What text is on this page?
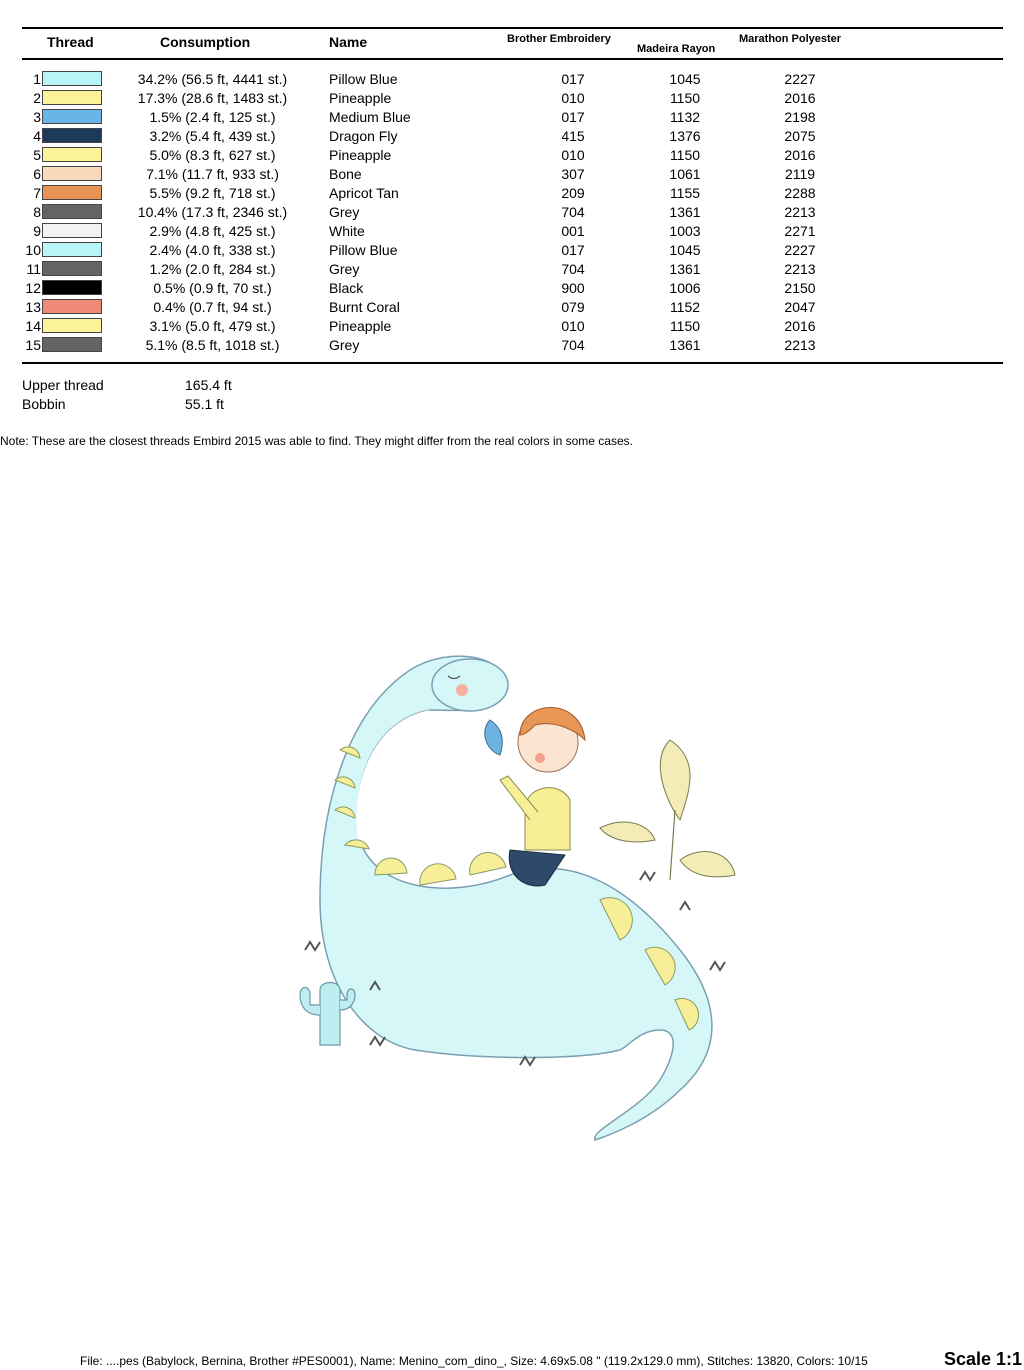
Thread	Consumption	Name	Brother Embroidery
Madeira Rayon
Marathon Polyester
1	34.2% (56.5 ft, 4441 st.)	Pillow Blue	017	1045	2227
2	17.3% (28.6 ft, 1483 st.)	Pineapple	010	1150	2016
3	1.5% (2.4 ft, 125 st.)	Medium Blue	017	1132	2198
4	3.2% (5.4 ft, 439 st.)	Dragon Fly	415	1376	2075
5	5.0% (8.3 ft, 627 st.)	Pineapple	010	1150	2016
6	7.1% (11.7 ft, 933 st.)	Bone	307	1061	2119
7	5.5% (9.2 ft, 718 st.)	Apricot Tan	209	1155	2288
8	10.4% (17.3 ft, 2346 st.)	Grey	704	1361	2213
9	2.9% (4.8 ft, 425 st.)	White	001	1003	2271
10	2.4% (4.0 ft, 338 st.)	Pillow Blue	017	1045	2227
11	1.2% (2.0 ft, 284 st.)	Grey	704	1361	2213
12	0.5% (0.9 ft, 70 st.)	Black	900	1006	2150
13	0.4% (0.7 ft, 94 st.)	Burnt Coral	079	1152	2047
14	3.1% (5.0 ft, 479 st.)	Pineapple	010	1150	2016
15	5.1% (8.5 ft, 1018 st.)	Grey	704	1361	2213
Upper thread	165.4 ft
Bobbin	55.1 ft
Note: These are the closest threads Embird 2015 was able to find. They might differ from the real colors in some cases.
File: ....pes (Babylock, Bernina, Brother #PES0001), Name: Menino_com_dino_, Size: 4.69x5.08 " (119.2x129.0 mm), Stitches: 13820, Colors: 10/15	Scale 1:1
